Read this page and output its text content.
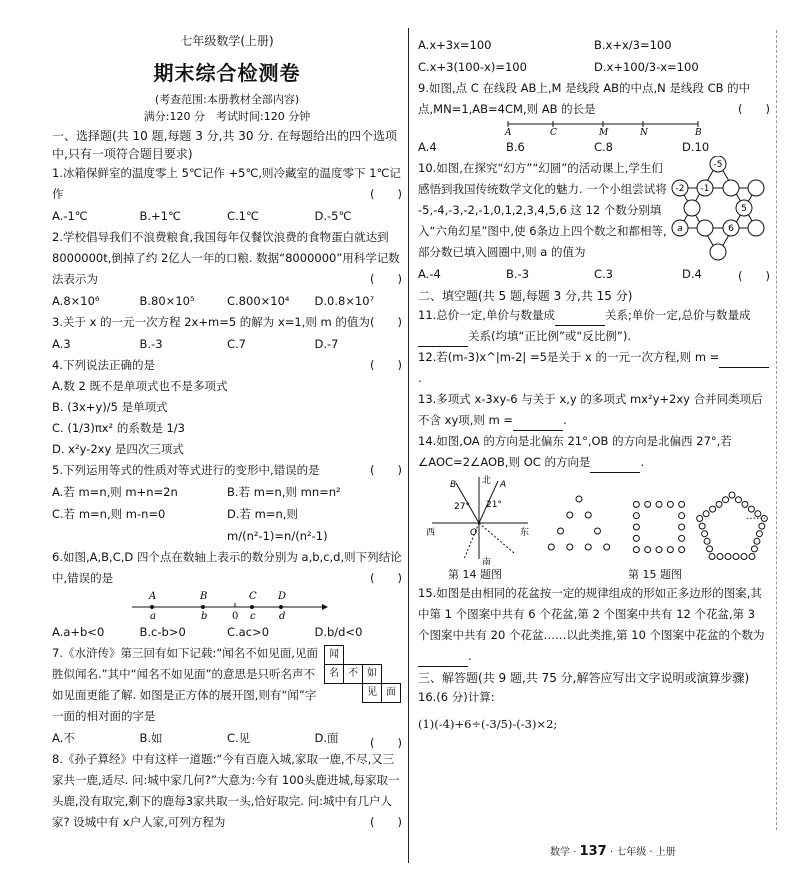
七年级数学(上册)
期末综合检测卷
(考查范围:本册教材全部内容)
满分:120 分　考试时间:120 分钟
一、选择题(共 10 题,每题 3 分,共 30 分. 在每题给出的四个选项中,只有一项符合题目要求)

1.冰箱保鲜室的温度零上 5℃记作 +5℃,则冷藏室的温度零下 1℃记作	(　　)

A.-1℃	B.+1℃	C.1℃	D.-5℃

2.学校倡导我们不浪费粮食,我国每年仅餐饮浪费的食物蛋白就达到 8000000t,倒掉了约 2亿人一年的口粮. 数据“8000000”用科学记数法表示为	(　　)

A.8×10⁶	B.80×10⁵	C.800×10⁴	D.0.8×10⁷

3.关于 x 的一元一次方程 2x+m=5 的解为 x=1,则 m 的值为 (　　)

A.3	B.-3	C.7	D.-7

4.下列说法正确的是	(　　)

A.数 2 既不是单项式也不是多项式

B. (3x+y)/5 是单项式

C. (1/3)πx² 的系数是 1/3

D. x²y-2xy 是四次三项式

5.下列运用等式的性质对等式进行的变形中,错误的是	(　　)

A.若 m=n,则 m+n=2n	B.若 m=n,则 mn=n²
C.若 m=n,则 m-n=0	D.若 m=n,则 m/(n²-1)=n/(n²-1)

6.如图,A,B,C,D 四个点在数轴上表示的数分别为 a,b,c,d,则下列结论中,错误的是	(　　)

A	B	C D
a	b 0 c d
A.a+b<0	B.c-b>0	C.ac>0	D.b/d<0

7.《水浒传》第三回有如下记载:“闻名不如见面,见面胜似闻名.”其中“闻名不如见面”的意思是只听名声不如见面更能了解. 如图是正方体的展开图,则有“闻”字一面的相对面的字是

(　　)
闻
名 不 如
见 面
A.不	B.如	C.见	D.面

8.《孙子算经》中有这样一道题:“今有百鹿入城,家取一鹿,不尽,又三家共一鹿,适尽. 问:城中家几何?”大意为:今有 100头鹿进城,每家取一头鹿,没有取完,剩下的鹿每3家共取一头,恰好取完. 问:城中有几户人家? 设城中有 x户人家,可列方程为	(　　)

A.x+3x=100	B.x+x/3=100
C.x+3(100-x)=100	D.x+100/3-x=100

9.如图,点 C 在线段 AB上,M 是线段 AB的中点,N 是线段 CB 的中点,MN=1,AB=4CM,则 AB 的长是	(　　)

A	C	M	N	B
A.4	B.6	C.8	D.10

10.如图,在探究“幻方”“幻圆”的活动课上,学生们感悟到我国传统数学文化的魅力. 一个小组尝试将 -5,-4,-3,-2,-1,0,1,2,3,4,5,6 这 12 个数分别填入“六角幻星”图中,使 6条边上四个数之和都相等,部分数已填入圆圈中,则 a 的值为

(　　)
-5
-2 -1
5
a	6
A.-4	B.-3	C.3	D.4
二、填空题(共 5 题,每题 3 分,共 15 分)

11.总价一定,单价与数量成	关系;单价一定,总价与数量成关系(均填“正比例”或“反比例”).

12.若(m-3)x^|m-2| =5是关于 x 的一元一次方程,则 m =.

13.多项式 x-3xy-6 与关于 x,y 的多项式 mx²y+2xy 合并同类项后不含 xy项,则 m =	.

14.如图,OA 的方向是北偏东 21°,OB 的方向是北偏西 27°,若∠AOC=2∠AOB,则 OC 的方向是	.

北
东
西
南
A
B
O
21°
27°
第 14 题图	第 15 题图
……

15.如图是由相同的花盆按一定的规律组成的形如正多边形的图案,其中第 1 个图案中共有 6 个花盆,第 2 个图案中共有 12 个花盆,第 3 个图案中共有 20 个花盆……以此类推,第 10 个图案中花盆的个数为.

三、解答题(共 9 题,共 75 分,解答应写出文字说明或演算步骤)

16.(6 分)计算:

(1)(-4)+6÷(-3/5)-(-3)×2;

数学 · 137 · 七年级 · 上册
